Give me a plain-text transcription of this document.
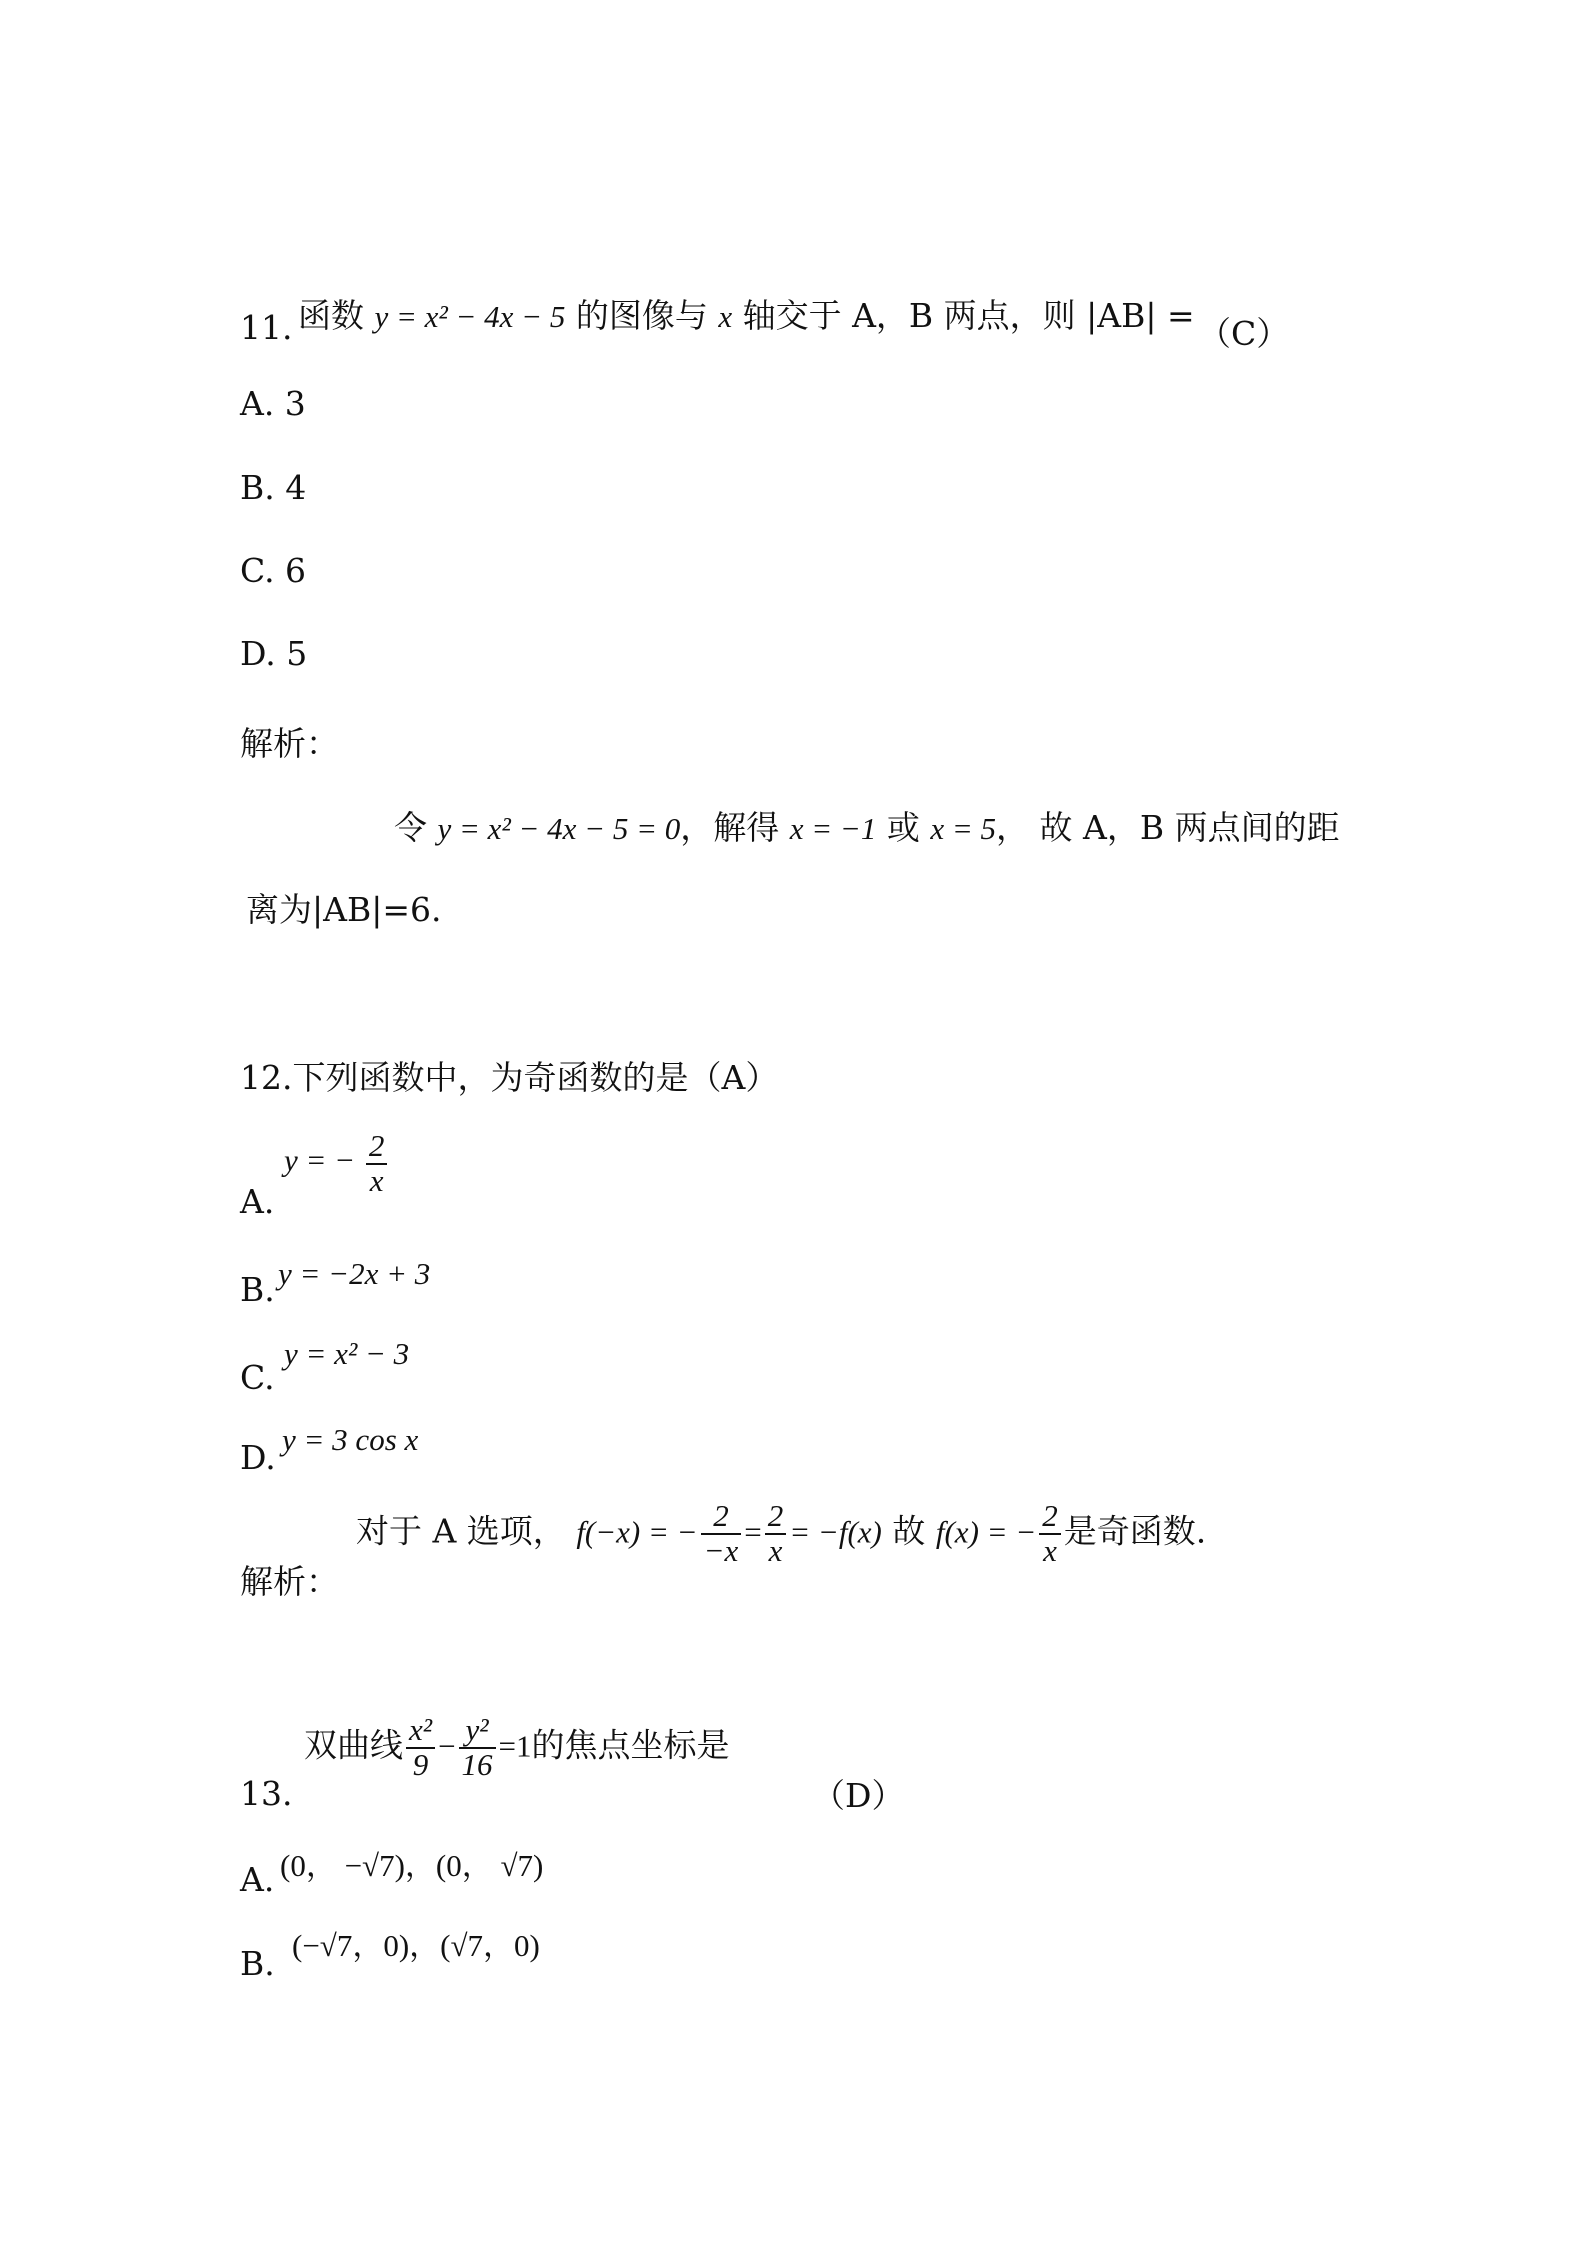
11. 函数 y = x² − 4x − 5 的图像与 x 轴交于 A，B 两点，则 |AB| = （C）
A. 3
B. 4
C. 6
D. 5
解析：
令 y = x² − 4x − 5 = 0，解得 x = −1 或 x = 5， 故 A，B 两点间的距
离为|AB|=6.
12.下列函数中，为奇函数的是（A）
A.
y = − $\frac{2}{x}$
B. y = −2x + 3
C.
y = x² − 3
D. y = 3 cos x
解析：
对于 A 选项， f(−x) = − $\frac{2}{-x} = \frac{2}{x} = -f(x)$ 故 f(x) = − $\frac{2}{x}$ 是奇函数.
13.
双曲线 $\frac{\text{x²}}{9} - \frac{\text{y²}}{16} =1$的焦点坐标是
（D）
A. (0， −√7)，(0， √7)
B. (−√7，0)，(√7，0)
